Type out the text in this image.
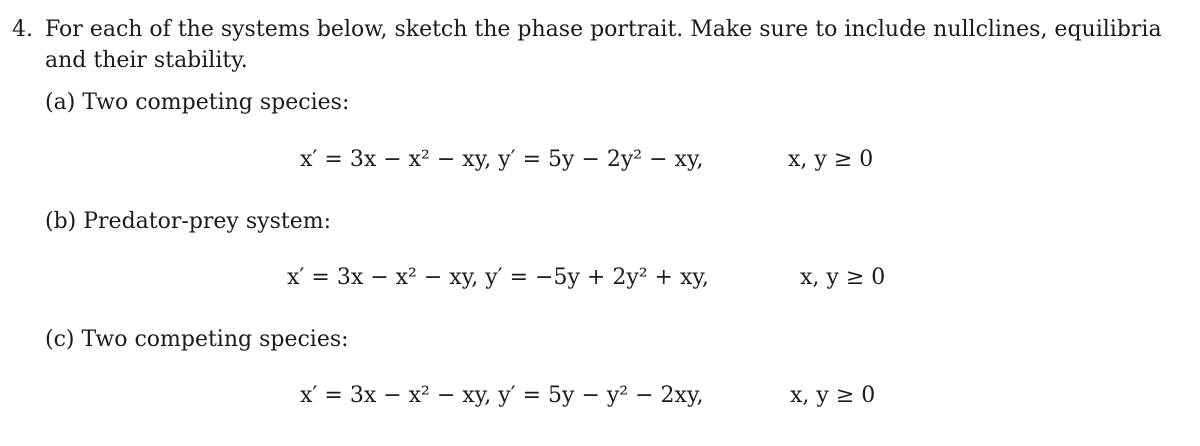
4. For each of the systems below, sketch the phase portrait. Make sure to include nullclines, equilibria
and their stability.
(a) Two competing species:
x′ = 3x − x² − xy, y′ = 5y − 2y² − xy,	x, y ≥ 0
(b) Predator-prey system:
x′ = 3x − x² − xy, y′ = −5y + 2y² + xy,	x, y ≥ 0
(c) Two competing species:
x′ = 3x − x² − xy, y′ = 5y − y² − 2xy,	x, y ≥ 0
